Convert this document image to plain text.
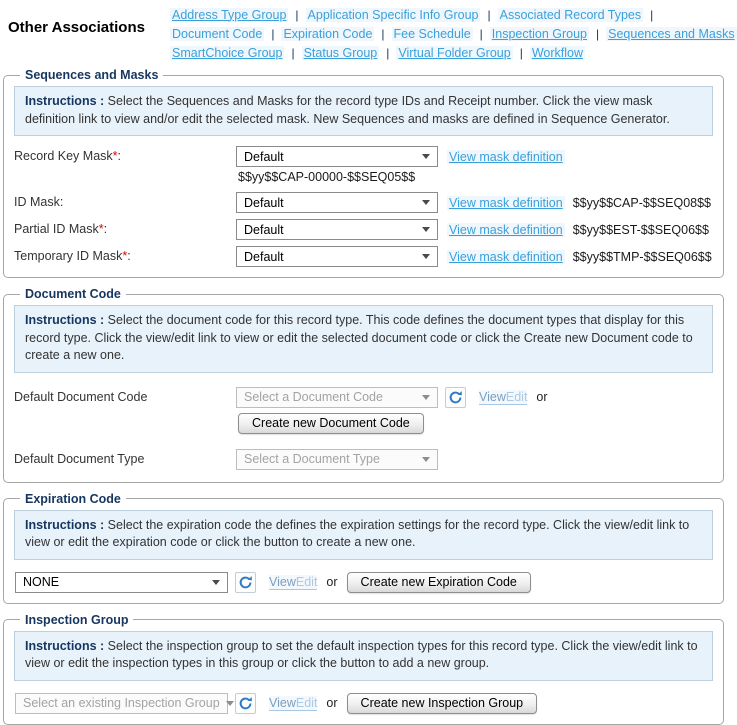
Other Associations
Address Type Group | Application Specific Info Group | Associated Record Types |
Document Code | Expiration Code | Fee Schedule | Inspection Group | Sequences and Masks
SmartChoice Group | Status Group | Virtual Folder Group | Workflow
Sequences and Masks
Instructions : Select the Sequences and Masks for the record type IDs and Receipt number. Click the view mask definition link to view and/or edit the selected mask. New Sequences and masks are defined in Sequence Generator.
Record Key Mask*:	Default	View mask definition
$$yy$$CAP-00000-$$SEQ05$$
ID Mask:	Default	View mask definition $$yy$$CAP-$$SEQ08$$
Partial ID Mask*:	Default	View mask definition $$yy$$EST-$$SEQ06$$
Temporary ID Mask*:	Default	View mask definition $$yy$$TMP-$$SEQ06$$
Document Code
Instructions : Select the document code for this record type. This code defines the document types that display for this record type. Click the view/edit link to view or edit the selected document code or click the Create new Document code to create a new one.
Default Document Code	Select a Document Code	ViewEdit or
Create new Document Code
Default Document Type	Select a Document Type
Expiration Code
Instructions : Select the expiration code the defines the expiration settings for the record type. Click the view/edit link to view or edit the expiration code or click the button to create a new one.
NONE	ViewEdit or	Create new Expiration Code
Inspection Group
Instructions : Select the inspection group to set the default inspection types for this record type. Click the view/edit link to view or edit the inspection types in this group or click the button to add a new group.
Select an existing Inspection Group	ViewEdit or	Create new Inspection Group
